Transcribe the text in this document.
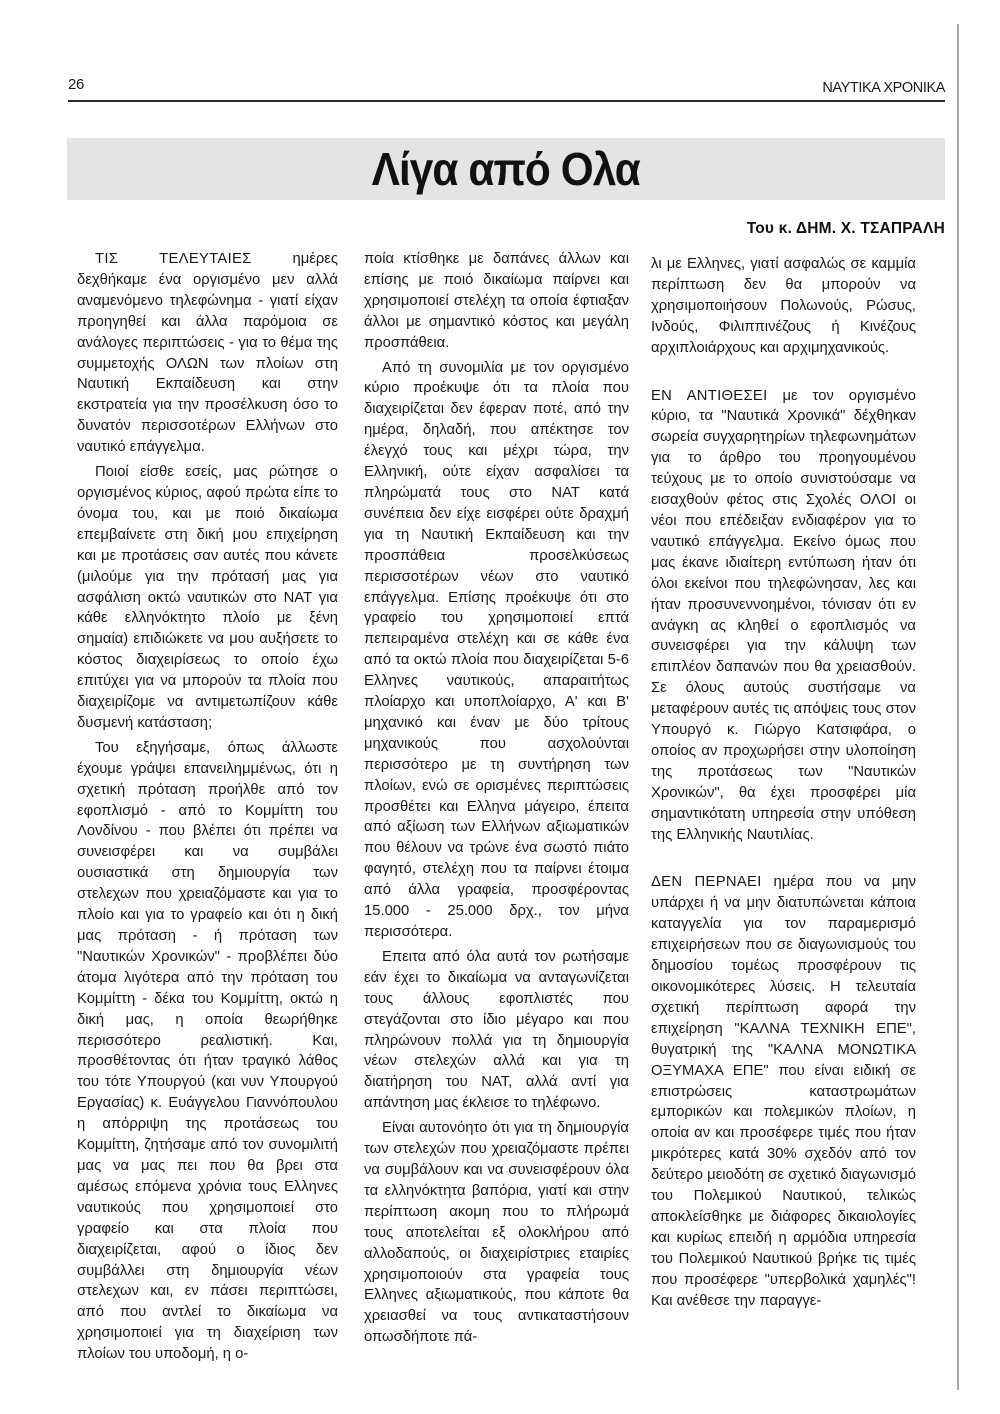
26	ΝΑΥΤΙΚΑ ΧΡΟΝΙΚΑ
Λίγα από Ολα
Του κ. ΔΗΜ. Χ. ΤΣΑΠΡΑΛΗ

ΤΙΣ ΤΕΛΕΥΤΑΙΕΣ ημέρες δεχθήκαμε ένα οργισμένο μεν αλλά αναμενόμενο τηλεφώνημα - γιατί είχαν προηγηθεί και άλλα παρόμοια σε ανάλογες περιπτώσεις - για το θέμα της συμμετοχής ΟΛΩΝ των πλοίων στη Ναυτική Εκπαίδευση και στην εκστρατεία για την προσέλκυση όσο το δυνατόν περισσοτέρων Ελλήνων στο ναυτικό επάγγελμα.

Ποιοί είσθε εσείς, μας ρώτησε ο οργισμένος κύριος, αφού πρώτα είπε το όνομα του, και με ποιό δικαίωμα επεμβαίνετε στη δική μου επιχείρηση και με προτάσεις σαν αυτές που κάνετε (μιλούμε για την πρότασή μας για ασφάλιση οκτώ ναυτικών στο ΝΑΤ για κάθε ελληνόκτητο πλοίο με ξένη σημαία) επιδιώκετε να μου αυξήσετε το κόστος διαχειρίσεως το οποίο έχω επιτύχει για να μπορούν τα πλοία που διαχειρίζομε να αντιμετωπίζουν κάθε δυσμενή κατάσταση;

Του εξηγήσαμε, όπως άλλωστε έχουμε γράψει επανειλημμένως, ότι η σχετική πρόταση προήλθε από τον εφοπλισμό - από το Κομμίττη του Λονδίνου - που βλέπει ότι πρέπει να συνεισφέρει και να συμβάλει ουσιαστικά στη δημιουργία των στελεχων που χρειαζόμαστε και για το πλοίο και για το γραφείο και ότι η δική μας πρόταση - ή πρόταση των "Ναυτικών Χρονικών" - προβλέπει δύο άτομα λιγότερα από την πρόταση του Κομμίττη - δέκα του Κομμίττη, οκτώ η δική μας, η οποία θεωρήθηκε περισσότερο ρεαλιστική. Και, προσθέτοντας ότι ήταν τραγικό λάθος του τότε Υπουργού (και νυν Υπουργού Εργασίας) κ. Ευάγγελου Γιαννόπουλου η απόρριψη της προτάσεως του Κομμίττη, ζητήσαμε από τον συνομιλιτή μας να μας πει που θα βρει στα αμέσως επόμενα χρόνια τους Ελληνες ναυτικούς που χρησιμοποιεί στο γραφείο και στα πλοία που διαχειρίζεται, αφού ο ίδιος δεν συμβάλλει στη δημιουργία νέων στελεχων και, εν πάσει περιπτώσει, από που αντλεί το δικαίωμα να χρησιμοποιεί για τη διαχείριση των πλοίων του υποδομή, η ο-

ποία κτίσθηκε με δαπάνες άλλων και επίσης με ποιό δικαίωμα παίρνει και χρησιμοποιεί στελέχη τα οποία έφτιαξαν άλλοι με σημαντικό κόστος και μεγάλη προσπάθεια.

Από τη συνομιλία με τον οργισμένο κύριο προέκυψε ότι τα πλοία που διαχειρίζεται δεν έφεραν ποτέ, από την ημέρα, δηλαδή, που απέκτησε τον έλεγχό τους και μέχρι τώρα, την Ελληνική, ούτε είχαν ασφαλίσει τα πληρώματά τους στο ΝΑΤ κατά συνέπεια δεν είχε εισφέρει ούτε δραχμή για τη Ναυτική Εκπαίδευση και την προσπάθεια προσελκύσεως περισσοτέρων νέων στο ναυτικό επάγγελμα. Επίσης προέκυψε ότι στο γραφείο του χρησιμοποιεί επτά πεπειραμένα στελέχη και σε κάθε ένα από τα οκτώ πλοία που διαχειρίζεται 5-6 Ελληνες ναυτικούς, απαραιτήτως πλοίαρχο και υποπλοίαρχο, Α' και Β' μηχανικό και έναν με δύο τρίτους μηχανικούς που ασχολούνται περισσότερο με τη συντήρηση των πλοίων, ενώ σε ορισμένες περιπτώσεις προσθέτει και Ελληνα μάγειρο, έπειτα από αξίωση των Ελλήνων αξιωματικών που θέλουν να τρώνε ένα σωστό πιάτο φαγητό, στελέχη που τα παίρνει έτοιμα από άλλα γραφεία, προσφέροντας 15.000 - 25.000 δρχ., τον μήνα περισσότερα.

Επειτα από όλα αυτά τον ρωτήσαμε εάν έχει το δικαίωμα να ανταγωνίζεται τους άλλους εφοπλιστές που στεγάζονται στο ίδιο μέγαρο και που πληρώνουν πολλά για τη δημιουργία νέων στελεχών αλλά και για τη διατήρηση του ΝΑΤ, αλλά αντί για απάντηση μας έκλεισε το τηλέφωνο.

Είναι αυτονόητο ότι για τη δημιουργία των στελεχών που χρειαζόμαστε πρέπει να συμβάλουν και να συνεισφέρουν όλα τα ελληνόκτητα βαπόρια, γιατί και στην περίπτωση ακομη που το πλήρωμά τους αποτελείται εξ ολοκλήρου από αλλοδαπούς, οι διαχειρίστριες εταιρίες χρησιμοποιούν στα γραφεία τους Ελληνες αξιωματικούς, που κάποτε θα χρειασθεί να τους αντικαταστήσουν οπωσδήποτε πά-

λι με Ελληνες, γιατί ασφαλώς σε καμμία περίπτωση δεν θα μπορούν να χρησιμοποιήσουν Πολωνούς, Ρώσυς, Ινδούς, Φιλιππινέζους ή Κινέζους αρχιπλοιάρχους και αρχιμηχανικούς.

ΕΝ ΑΝΤΙΘΕΣΕΙ με τον οργισμένο κύριο, τα "Ναυτικά Χρονικά" δέχθηκαν σωρεία συγχαρητηρίων τηλεφωνημάτων για το άρθρο του προηγουμένου τεύχους με το οποίο συνιστούσαμε να εισαχθούν φέτος στις Σχολές ΟΛΟΙ οι νέοι που επέδειξαν ενδιαφέρον για το ναυτικό επάγγελμα. Εκείνο όμως που μας έκανε ιδιαίτερη εντύπωση ήταν ότι όλοι εκείνοι που τηλεφώνησαν, λες και ήταν προσυνεννοημένοι, τόνισαν ότι εν ανάγκη ας κληθεί ο εφοπλισμός να συνεισφέρει για την κάλυψη των επιπλέον δαπανών που θα χρειασθούν. Σε όλους αυτούς συστήσαμε να μεταφέρουν αυτές τις απόψεις τους στον Υπουργό κ. Γιώργο Κατσιφάρα, ο οποίος αν προχωρήσει στην υλοποίηση της προτάσεως των "Ναυτικών Χρονικών", θα έχει προσφέρει μία σημαντικότατη υπηρεσία στην υπόθεση της Ελληνικής Ναυτιλίας.

ΔΕΝ ΠΕΡΝΑΕΙ ημέρα που να μην υπάρχει ή να μην διατυπώνεται κάποια καταγγελία για τον παραμερισμό επιχειρήσεων που σε διαγωνισμούς του δημοσίου τομέως προσφέρουν τις οικονομικότερες λύσεις. Η τελευταία σχετική περίπτωση αφορά την επιχείρηση "ΚΑΛΝΑ ΤΕΧΝΙΚΗ ΕΠΕ", θυγατρική της "ΚΑΛΝΑ ΜΟΝΩΤΙΚΑ ΟΞΥΜΑΧΑ ΕΠΕ" που είναι ειδική σε επιστρώσεις καταστρωμάτων εμπορικών και πολεμικών πλοίων, η οποία αν και προσέφερε τιμές που ήταν μικρότερες κατά 30% σχεδόν από τον δεύτερο μειοδότη σε σχετικό διαγωνισμό του Πολεμικού Ναυτικού, τελικώς αποκλείσθηκε με διάφορες δικαιολογίες και κυρίως επειδή η αρμόδια υπηρεσία του Πολεμικού Ναυτικού βρήκε τις τιμές που προσέφερε "υπερβολικά χαμηλές"! Και ανέθεσε την παραγγε-
